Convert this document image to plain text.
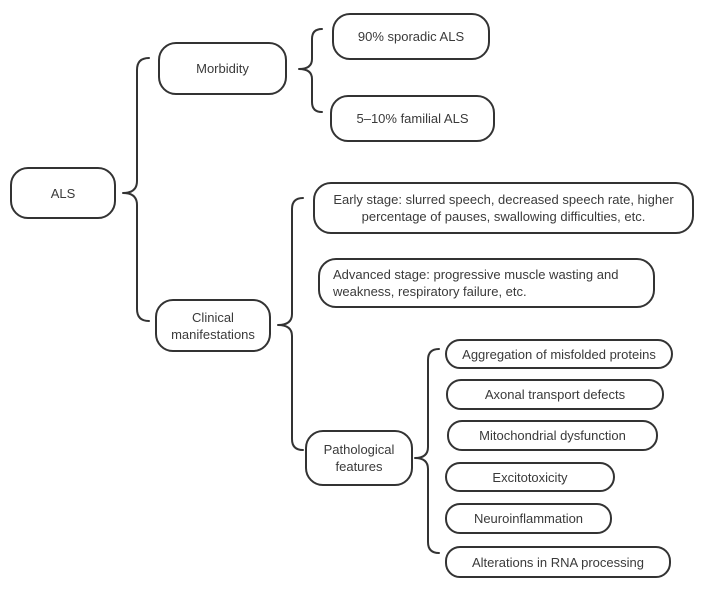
ALS
Morbidity
90% sporadic ALS
5–10% familial ALS
Clinical manifestations
Early stage: slurred speech, decreased speech rate, higher percentage of pauses, swallowing difficulties, etc.
Advanced stage: progressive muscle wasting and weakness, respiratory failure, etc.
Pathological features
Aggregation of misfolded proteins
Axonal transport defects
Mitochondrial dysfunction
Excitotoxicity
Neuroinflammation
Alterations in RNA processing
